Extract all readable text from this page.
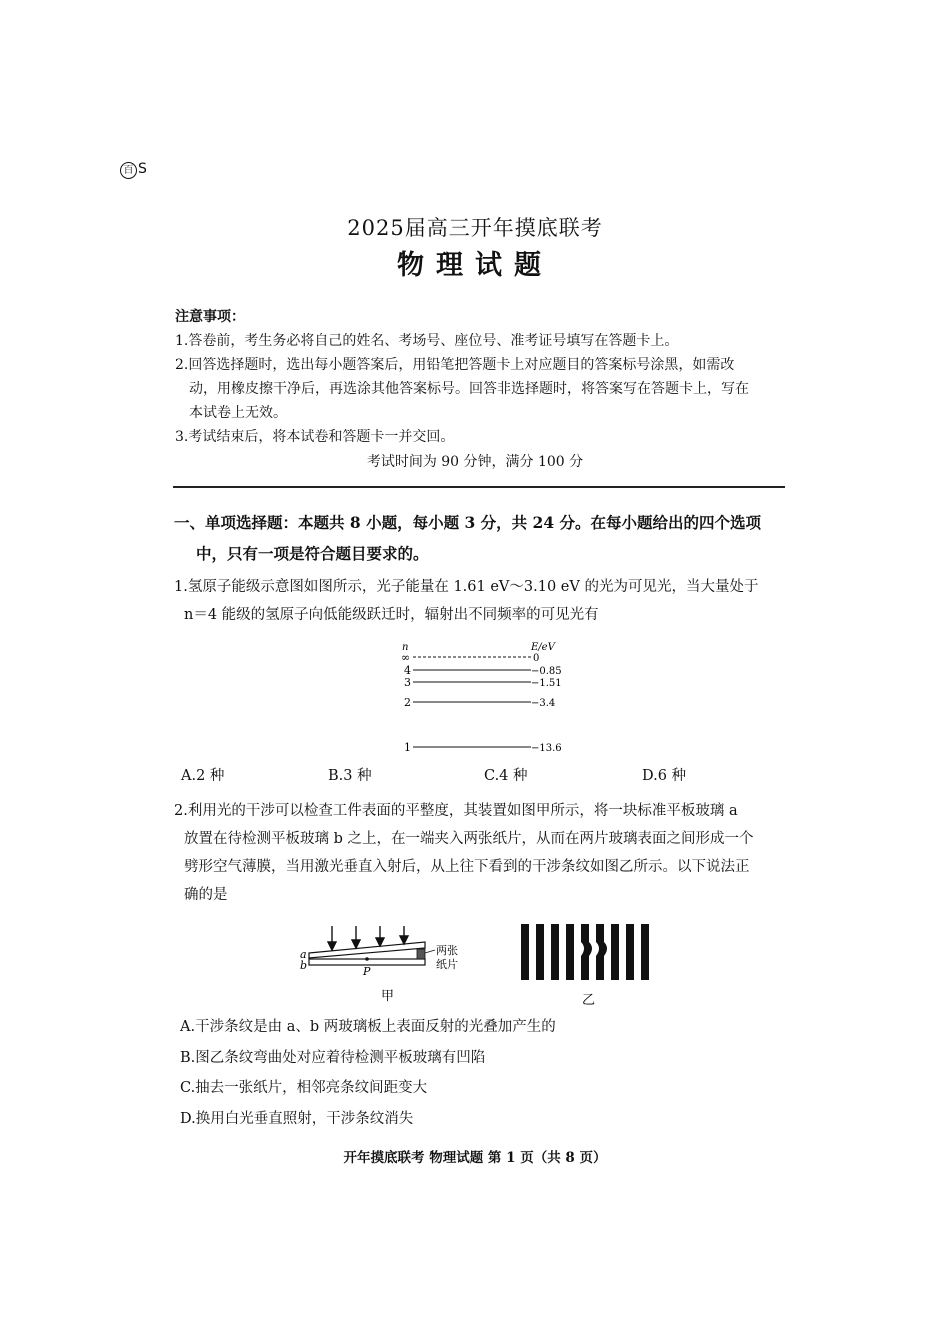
百 S
2025届高三开年摸底联考
物理试题
注意事项：
1.答卷前，考生务必将自己的姓名、考场号、座位号、准考证号填写在答题卡上。
2.回答选择题时，选出每小题答案后，用铅笔把答题卡上对应题目的答案标号涂黑，如需改
动，用橡皮擦干净后，再选涂其他答案标号。回答非选择题时，将答案写在答题卡上，写在
本试卷上无效。
3.考试结束后，将本试卷和答题卡一并交回。
考试时间为 90 分钟，满分 100 分
一、单项选择题：本题共 8 小题，每小题 3 分，共 24 分。在每小题给出的四个选项
中，只有一项是符合题目要求的。
1.氢原子能级示意图如图所示，光子能量在 1.61 eV～3.10 eV 的光为可见光，当大量处于
n＝4 能级的氢原子向低能级跃迁时，辐射出不同频率的可见光有
n	E/eV
∞	0
4	−0.85
3	−1.51
2	−3.4
1	−13.6
A.2 种	B.3 种	C.4 种	D.6 种
2.利用光的干涉可以检查工件表面的平整度，其装置如图甲所示，将一块标准平板玻璃 a
放置在待检测平板玻璃 b 之上，在一端夹入两张纸片，从而在两片玻璃表面之间形成一个
劈形空气薄膜，当用激光垂直入射后，从上往下看到的干涉条纹如图乙所示。以下说法正
确的是
a
b	P
两张
纸片
甲	乙
A.干涉条纹是由 a、b 两玻璃板上表面反射的光叠加产生的
B.图乙条纹弯曲处对应着待检测平板玻璃有凹陷
C.抽去一张纸片，相邻亮条纹间距变大
D.换用白光垂直照射，干涉条纹消失
开年摸底联考 物理试题 第 1 页（共 8 页）
